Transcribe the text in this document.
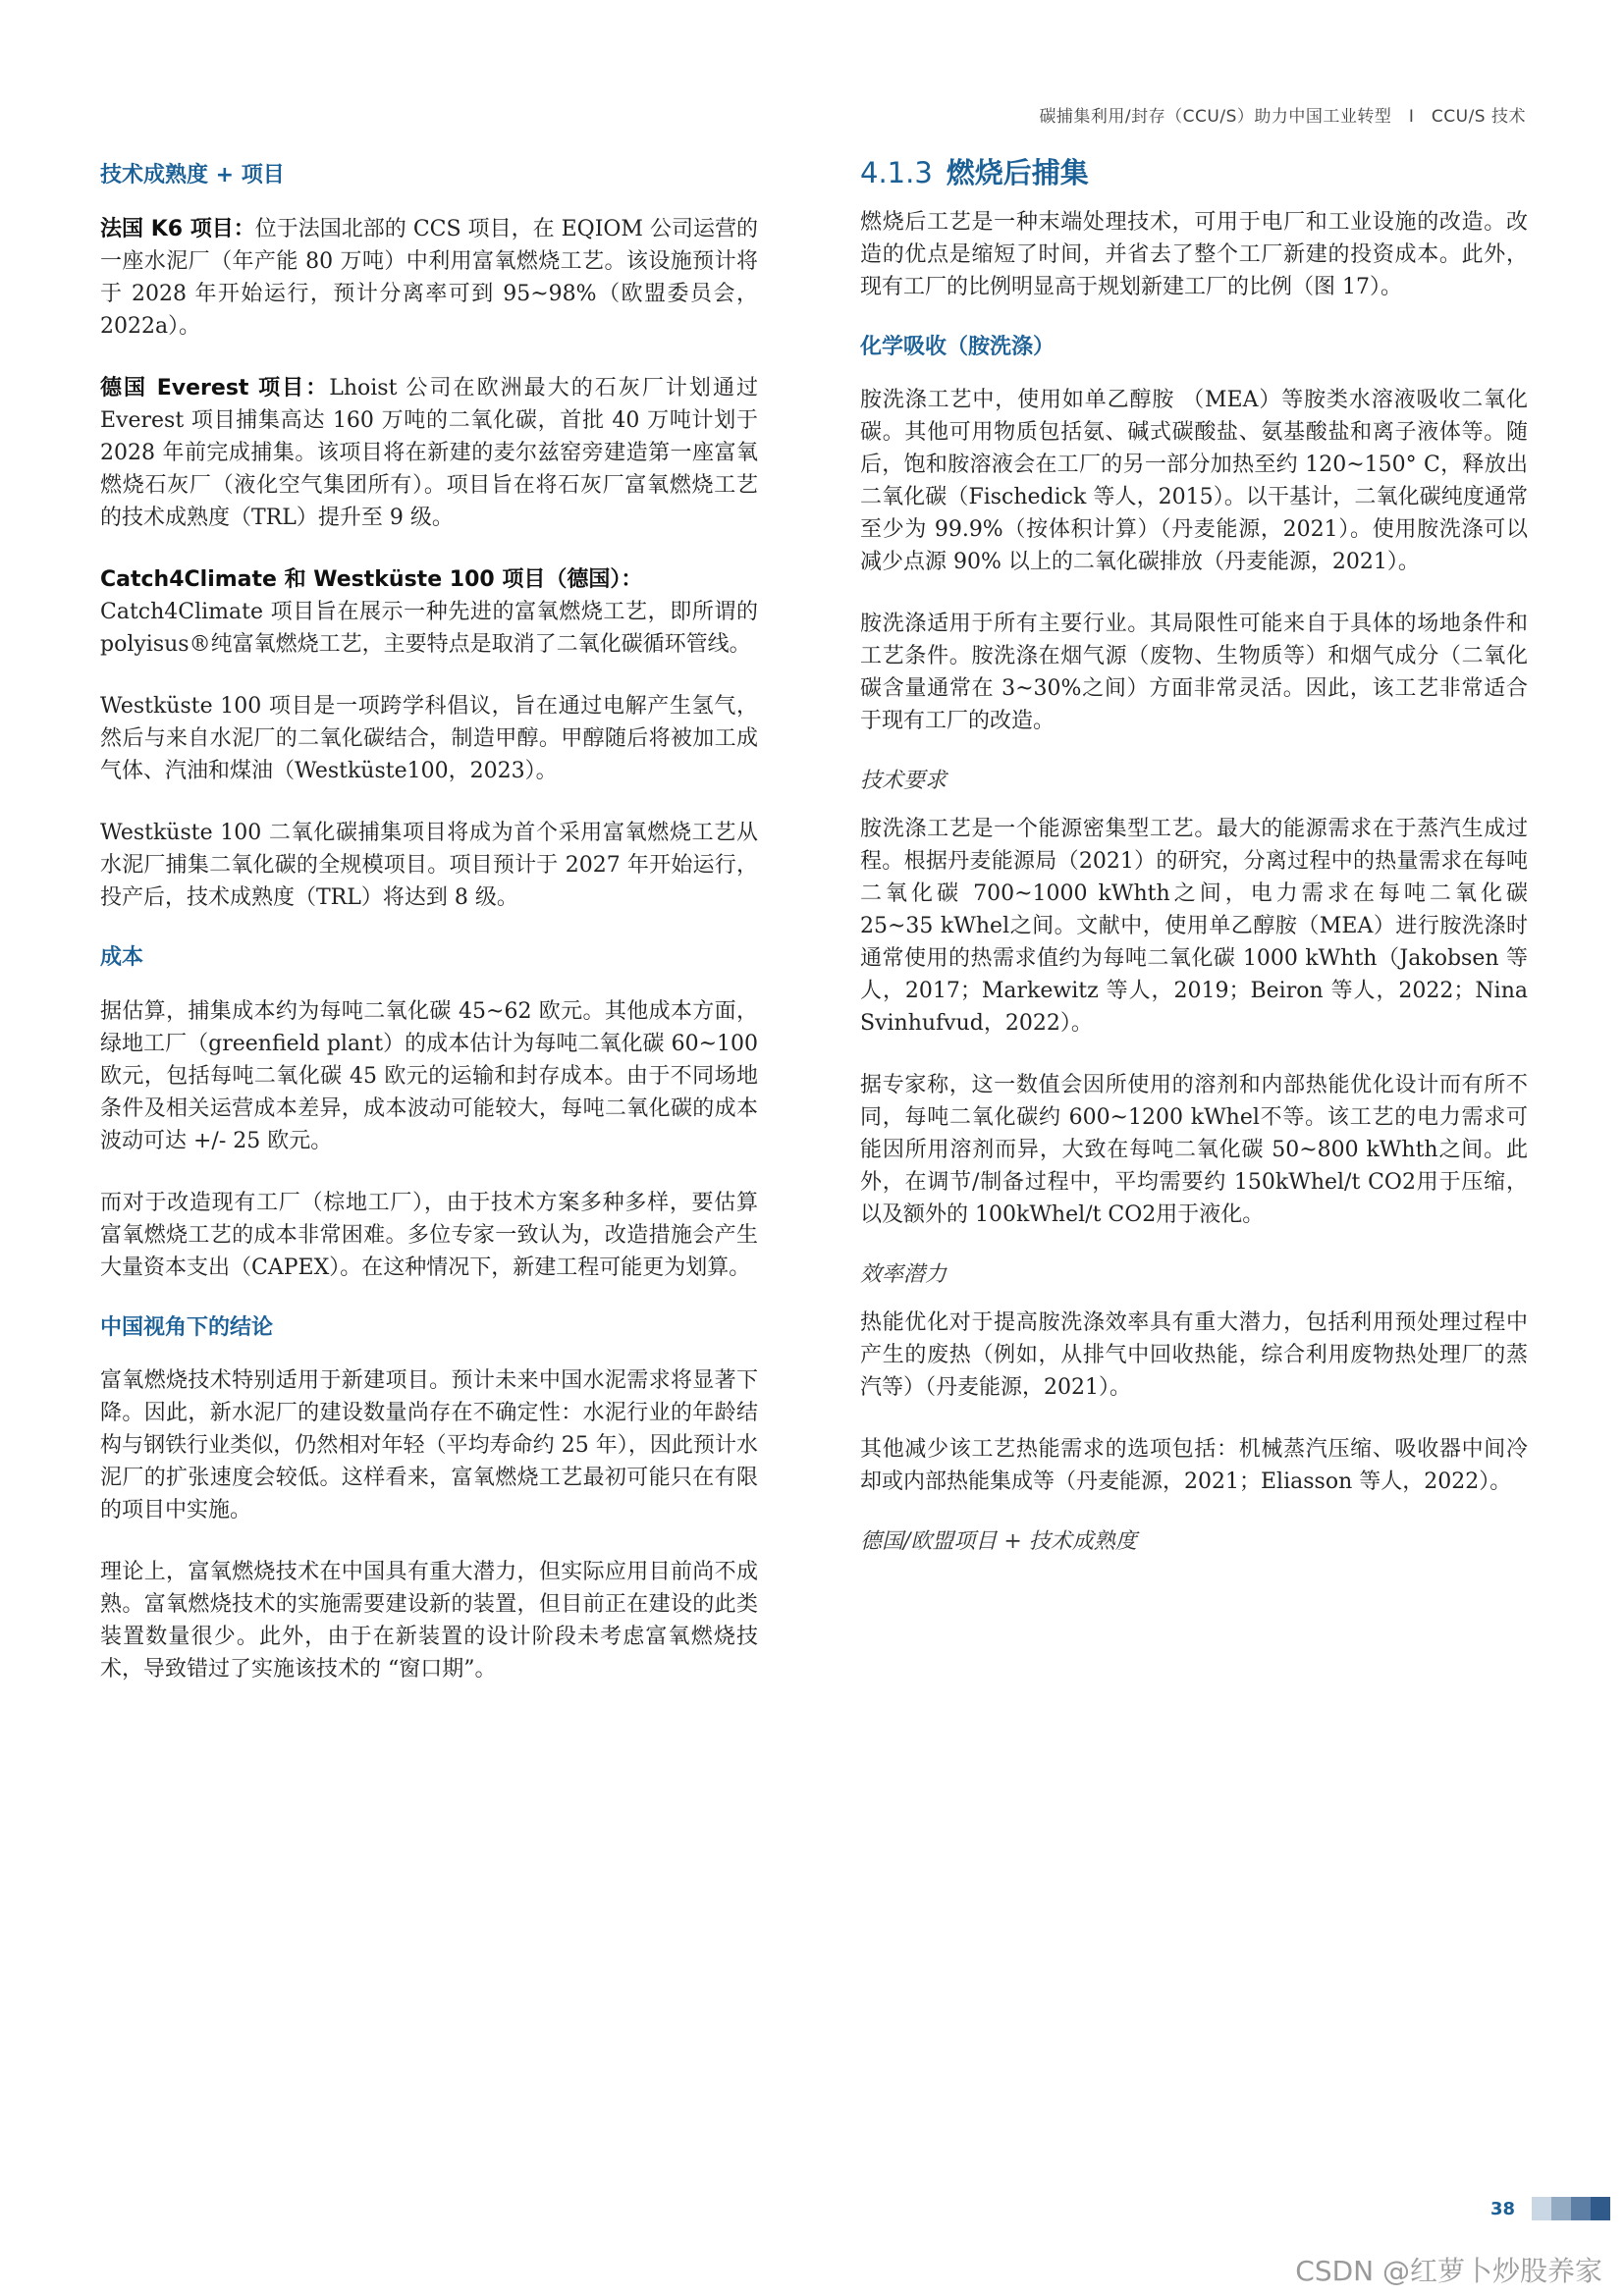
碳捕集利用/封存（CCU/S）助力中国工业转型　I　CCU/S 技术
技术成熟度 + 项目

法国 K6 项目：位于法国北部的 CCS 项目，在 EQIOM 公司运营的一座水泥厂（年产能 80 万吨）中利用富氧燃烧工艺。该设施预计将于 2028 年开始运行，预计分离率可到 95~98%（欧盟委员会，2022a）。

德国 Everest 项目：Lhoist 公司在欧洲最大的石灰厂计划通过 Everest 项目捕集高达 160 万吨的二氧化碳，首批 40 万吨计划于 2028 年前完成捕集。该项目将在新建的麦尔兹窑旁建造第一座富氧燃烧石灰厂（液化空气集团所有）。项目旨在将石灰厂富氧燃烧工艺的技术成熟度（TRL）提升至 9 级。

Catch4Climate 和 Westküste 100 项目（德国）：

Catch4Climate 项目旨在展示一种先进的富氧燃烧工艺，即所谓的 polyisus®纯富氧燃烧工艺，主要特点是取消了二氧化碳循环管线。

Westküste 100 项目是一项跨学科倡议，旨在通过电解产生氢气，然后与来自水泥厂的二氧化碳结合，制造甲醇。甲醇随后将被加工成气体、汽油和煤油（Westküste100，2023）。

Westküste 100 二氧化碳捕集项目将成为首个采用富氧燃烧工艺从水泥厂捕集二氧化碳的全规模项目。项目预计于 2027 年开始运行，投产后，技术成熟度（TRL）将达到 8 级。

成本

据估算，捕集成本约为每吨二氧化碳 45~62 欧元。其他成本方面，绿地工厂（greenfield plant）的成本估计为每吨二氧化碳 60~100 欧元，包括每吨二氧化碳 45 欧元的运输和封存成本。由于不同场地条件及相关运营成本差异，成本波动可能较大，每吨二氧化碳的成本波动可达 +/- 25 欧元。

而对于改造现有工厂（棕地工厂），由于技术方案多种多样，要估算富氧燃烧工艺的成本非常困难。多位专家一致认为，改造措施会产生大量资本支出（CAPEX）。在这种情况下，新建工程可能更为划算。

中国视角下的结论

富氧燃烧技术特别适用于新建项目。预计未来中国水泥需求将显著下降。因此，新水泥厂的建设数量尚存在不确定性：水泥行业的年龄结构与钢铁行业类似，仍然相对年轻（平均寿命约 25 年），因此预计水泥厂的扩张速度会较低。这样看来，富氧燃烧工艺最初可能只在有限的项目中实施。

理论上，富氧燃烧技术在中国具有重大潜力，但实际应用目前尚不成熟。富氧燃烧技术的实施需要建设新的装置，但目前正在建设的此类装置数量很少。此外，由于在新装置的设计阶段未考虑富氧燃烧技术，导致错过了实施该技术的 “窗口期”。

4.1.3 燃烧后捕集

燃烧后工艺是一种末端处理技术，可用于电厂和工业设施的改造。改造的优点是缩短了时间，并省去了整个工厂新建的投资成本。此外，现有工厂的比例明显高于规划新建工厂的比例（图 17）。

化学吸收（胺洗涤）

胺洗涤工艺中，使用如单乙醇胺 （MEA）等胺类水溶液吸收二氧化碳。其他可用物质包括氨、碱式碳酸盐、氨基酸盐和离子液体等。随后，饱和胺溶液会在工厂的另一部分加热至约 120~150° C，释放出二氧化碳（Fischedick 等人，2015）。以干基计，二氧化碳纯度通常至少为 99.9%（按体积计算）（丹麦能源，2021）。使用胺洗涤可以减少点源 90% 以上的二氧化碳排放（丹麦能源，2021）。

胺洗涤适用于所有主要行业。其局限性可能来自于具体的场地条件和工艺条件。胺洗涤在烟气源（废物、生物质等）和烟气成分（二氧化碳含量通常在 3~30%之间）方面非常灵活。因此，该工艺非常适合于现有工厂的改造。

技术要求

胺洗涤工艺是一个能源密集型工艺。最大的能源需求在于蒸汽生成过程。根据丹麦能源局（2021）的研究，分离过程中的热量需求在每吨二氧化碳 700~1000 kWhth之间，电力需求在每吨二氧化碳 25~35 kWhel之间。文献中，使用单乙醇胺（MEA）进行胺洗涤时通常使用的热需求值约为每吨二氧化碳 1000 kWhth（Jakobsen 等人，2017；Markewitz 等人，2019；Beiron 等人，2022；Nina Svinhufvud，2022）。

据专家称，这一数值会因所使用的溶剂和内部热能优化设计而有所不同，每吨二氧化碳约 600~1200 kWhel不等。该工艺的电力需求可能因所用溶剂而异，大致在每吨二氧化碳 50~800 kWhth之间。此外，在调节/制备过程中，平均需要约 150kWhel/t CO2用于压缩，以及额外的 100kWhel/t CO2用于液化。

效率潜力

热能优化对于提高胺洗涤效率具有重大潜力，包括利用预处理过程中产生的废热（例如，从排气中回收热能，综合利用废物热处理厂的蒸汽等）（丹麦能源，2021）。

其他减少该工艺热能需求的选项包括：机械蒸汽压缩、吸收器中间冷却或内部热能集成等（丹麦能源，2021；Eliasson 等人，2022）。

德国/欧盟项目 + 技术成熟度
38
CSDN @红萝卜炒股养家
